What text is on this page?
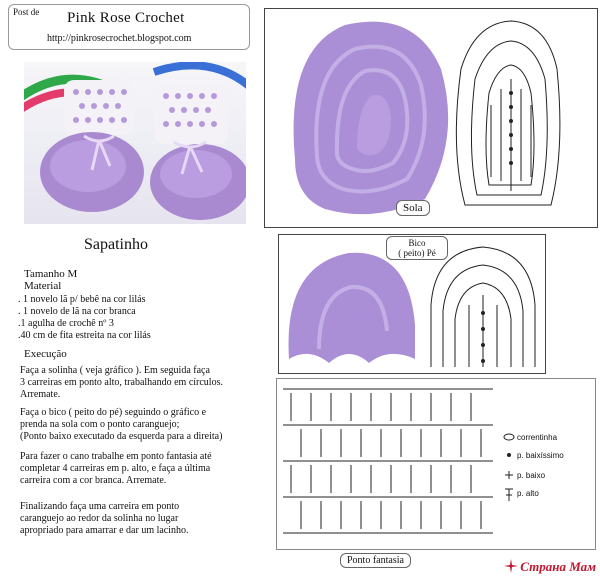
Post de Pink Rose Crochet
http://pinkrosecrochet.blogspot.com
Sapatinho
Tamanho M
Material
. 1 novelo lã p/ bebê na cor lilás
. 1 novelo de lã na cor branca
.1 agulha de crochê nº 3
.40 cm de fita estreita na cor lilás
Execução
Faça a solinha ( veja gráfico ). Em seguida faça
3 carreiras em ponto alto, trabalhando em círculos.
Arremate.
Faça o bico ( peito do pé) seguindo o gráfico e
prenda na sola com o ponto caranguejo;
(Ponto baixo executado da esquerda para a direita)
Para fazer o cano trabalhe em ponto fantasia até
completar 4 carreiras em p. alto, e faça a última
carreira com a cor branca. Arremate.
Finalizando faça uma carreira em ponto
caranguejo ao redor da solinha no lugar
apropriado para amarrar e dar um lacinho.
Sola
Bico
( peito) Pé
correntinha
p. baixíssimo
p. baixo
p. alto
Ponto fantasia	Страна Мам
